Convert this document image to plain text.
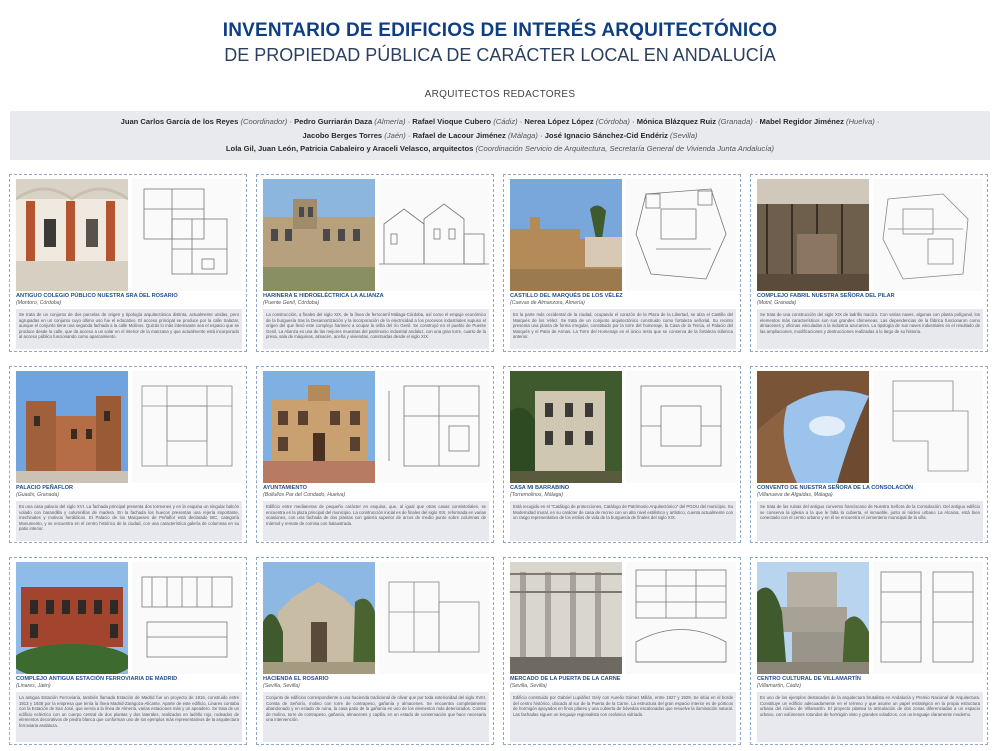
INVENTARIO DE EDIFICIOS DE INTERÉS ARQUITECTÓNICO
DE PROPIEDAD PÚBLICA DE CARÁCTER LOCAL EN ANDALUCÍA
ARQUITECTOS REDACTORES
Juan Carlos García de los Reyes (Coordinador) · Pedro Gurriarán Daza (Almería) · Rafael Vioque Cubero (Cádiz) · Nerea López López (Córdoba) · Mónica Blázquez Ruiz (Granada) · Mabel Regidor Jiménez (Huelva) ·
Jacobo Berges Torres (Jaén) · Rafael de Lacour Jiménez (Málaga) · José Ignacio Sánchez-Cid Endériz (Sevilla)
Lola Gil, Juan León, Patricia Cabaleiro y Araceli Velasco, arquitectos (Coordinación Servicio de Arquitectura, Secretaría General de Vivienda Junta Andalucía)
ANTIGUO COLEGIO PÚBLICO NUESTRA SRA DEL ROSARIO
(Montoro, Córdoba)
Se trata de un conjunto de dos parcelas de origen y tipología arquitectónica distinta, actualmente unidas, pero agrupadas en un conjunto cuyo último uso fue el educativo. El acceso principal se produce por la calle Salazar, aunque el conjunto tiene una segunda fachada a la calle Molinos. Quizás lo más interesante sea el espacio que se produce desde la calle, que da acceso a un solar en el interior de la manzana y que actualmente está incorporado al acceso público funcionando como aparcamiento.
HARINERA E HIDROELÉCTRICA LA ALIANZA
(Puente Genil, Córdoba)
La construcción, a finales del siglo XIX, de la línea de ferrocarril Málaga-Córdoba, así como el empuje económico de la burguesía tras la Desamortización y la incorporación de la electricidad a los procesos industriales supuso el origen del que llevó este complejo harinero a ocupar la orilla del río Genil. Se construyó en el pueblo de Puente Genil, La Alianza es una de las mejores muestras del patrimonio industrial andaluz, con una gran torre, cuarto de la presa, sala de máquinas, almacén, aceña y viviendas, construidas desde el siglo XIX.
CASTILLO DEL MARQUÉS DE LOS VÉLEZ
(Cuevas de Almanzora, Almería)
En la parte más occidental de la ciudad, ocupando el corazón de la Plaza de la Libertad, se alza el Castillo del Marqués de los Vélez. Se trata de un conjunto arquitectónico construido como fortaleza señorial. Su recinto presenta una planta de forma irregular, constituido por la torre del homenaje, la Casa de la Tercia, el Palacio del Marqués y el Patio de Armas. La Torre del Homenaje es el único resto que se conserva de la fortaleza islámica anterior.
COMPLEJO FABRIL NUESTRA SEÑORA DEL PILAR
(Motril, Granada)
Se trata de una construcción del siglo XIX de ladrillo macizo. Con varias naves, algunas con planta polígonal, los elementos más característicos son sus grandes chimeneas. Las dependencias de la fábrica funcionaron como almacenes y oficinas vinculadas a la industria azucarera. La tipología de sus naves industriales es el resultado de las ampliaciones, modificaciones y destrucciones realizadas a lo largo de su historia.
PALACIO PEÑAFLOR
(Guadix, Granada)
Es una casa palacio del siglo XVI. La fachada principal presenta dos torreones y en la esquina un singular balcón volado con barandilla y columnillas de madera. En la fachada los huecos presentan una rejería importante, mechinales y motivos heráldicos. El Palacio de los Marqueses de Peñaflor está declarado BIC, categoría Monumento, y se encuentra en el centro histórico de la ciudad, con una característica galería de columnas en su patio interior.
AYUNTAMIENTO
(Bollullos Par del Condado, Huelva)
Edificio entre medianeras de pequeño carácter en esquina, que, al igual que otras casas consistoriales, se encuentra en la plaza principal del municipio. La construcción inicial es de finales del siglo XIX, reformada en varias ocasiones, con una fachada de dos plantas con galería superior de arcos de medio punto sobre columnas de mármol y remate de cornisa con balaustrada.
CASA MI BARRABINO
(Torremolinos, Málaga)
Está recogido en el "Catálogo de protecciones, Catálogo de Patrimonio Arquitectónico" del PGOU del municipio. Su Modernidad mural, en su carácter de casa de recreo con un alto nivel estilístico y artístico, cuenta actualmente con un rasgo representativo de los estilos de vida de la burguesía de finales del siglo XIX.
CONVENTO DE NUESTRA SEÑORA DE LA CONSOLACIÓN
(Villanueva de Algaidas, Málaga)
Se trata de las ruinas del antiguo convento franciscano de Nuestra Señora de la Consolación. Del antiguo edificio se conserva la iglesia a la que le falta la cubierta, el inmueble, junto al núcleo urbano La Alcaina, está bien conectado con el centro urbano y en él se encuentra el cementerio municipal de la villa.
COMPLEJO ANTIGUA ESTACIÓN FERROVIARIA DE MADRID
(Linares, Jaén)
La antigua Estación Ferroviaria, también llamada Estación de Madrid fue un proyecto de 1916, construido entre 1913 y 1938 por la empresa que tenía la línea Madrid-Zaragoza-Alicante. Aparte de este edificio, Linares contaba con la Estación de San José, que servía a la línea de Almería, varias estaciones más y un apeadero. Se trata de un edificio ecléctico con un cuerpo central de dos plantas y dos laterales, realizados en ladrillo rojo, rodeados de elementos decorativos de piedra blanca que conforman uno de los ejemplos más representativos de la arquitectura ferroviaria andaluza.
HACIENDA EL ROSARIO
(Sevilla, Sevilla)
Conjunto de edificios correspondiente a una hacienda tradicional de olivar que por toda exterioridad del siglo XVIII. Consta de Señorío, molino con torre de contrapeso, gañanía y almacenes. Se encuentra completamente abandonado y en estado de ruina, la casa patio de la gañanía es uno de los elementos más deteriorados. Consta de molino, torre de contrapeso, gañanía, almacenes y capilla, en un estado de conservación que hace necesaria una intervención.
MERCADO DE LA PUERTA DE LA CARNE
(Sevilla, Sevilla)
Edificio construido por Gabriel Lupiáñez Gely con Aurelio Gómez Millán, entre 1927 y 1929. Se sitúa en el borde del centro histórico, ubicado al sur de la Puerta de la Carne. La estructura del gran espacio interior es de pórticos de hormigón apoyados en finos pilares y una cubierta de bóvedas escalonadas que resuelve la iluminación natural. Las fachadas siguen un lenguaje regionalista con cerámica vidriada.
CENTRO CULTURAL DE VILLAMARTÍN
(Villamartín, Cádiz)
Es uno de los ejemplos destacados de la arquitectura brutalista en Andalucía y Premio Nacional de Arquitectura. Constituye un edificio adecuadamente en el terreno y que asume un papel estratégico en la propia estructura urbana del núcleo de Villamartín. El proyecto plantea la articulación de dos zonas diferenciadas a un espacio urbano, con volúmenes rotundos de hormigón visto y grandes voladizos, con un lenguaje claramente moderno.
